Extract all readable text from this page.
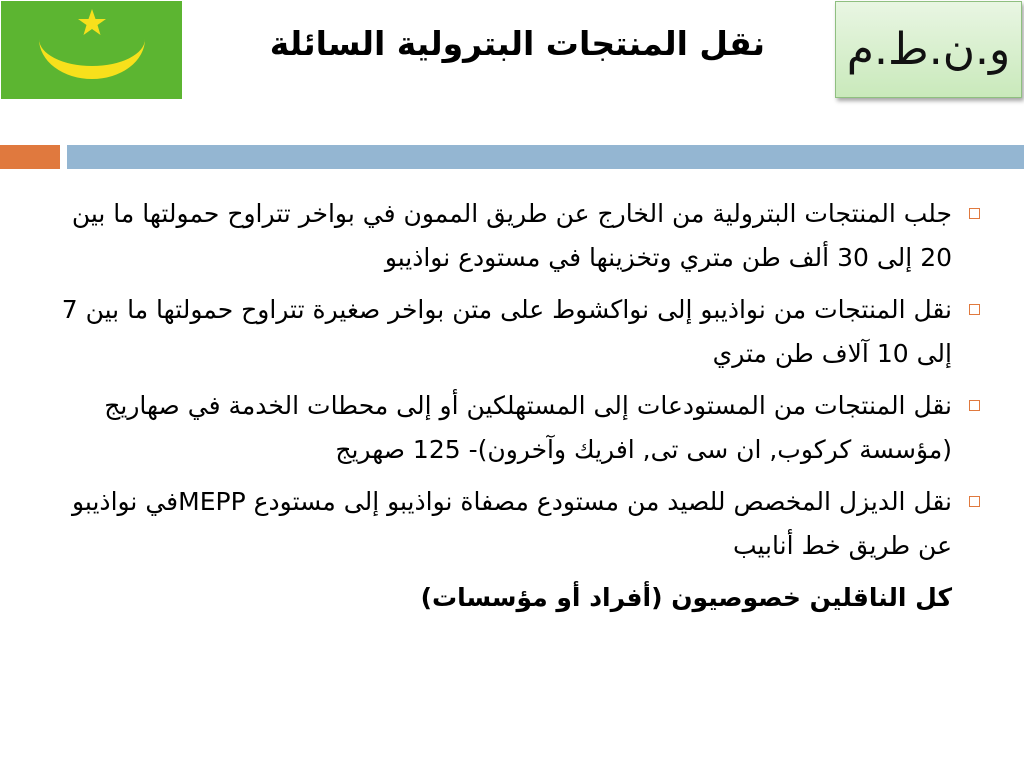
نقل المنتجات البترولية السائلة و.ن.ط.م
جلب المنتجات البترولية من الخارج عن طريق الممون في بواخر تتراوح حمولتها ما بين 20 إلى 30 ألف طن متري وتخزينها في مستودع نواذيبو
نقل المنتجات من نواذيبو إلى نواكشوط على متن بواخر صغيرة تتراوح حمولتها ما بين 7 إلى 10 آلاف طن متري
نقل المنتجات من المستودعات إلى المستهلكين أو إلى محطات الخدمة في صهاريج (مؤسسة كركوب, ان سى تى, افريك وآخرون)- 125 صهريج
نقل الديزل المخصص للصيد من مستودع مصفاة نواذيبو إلى مستودع MEPPفي نواذيبو عن طريق خط أنابيب
كل الناقلين خصوصيون (أفراد أو مؤسسات)
